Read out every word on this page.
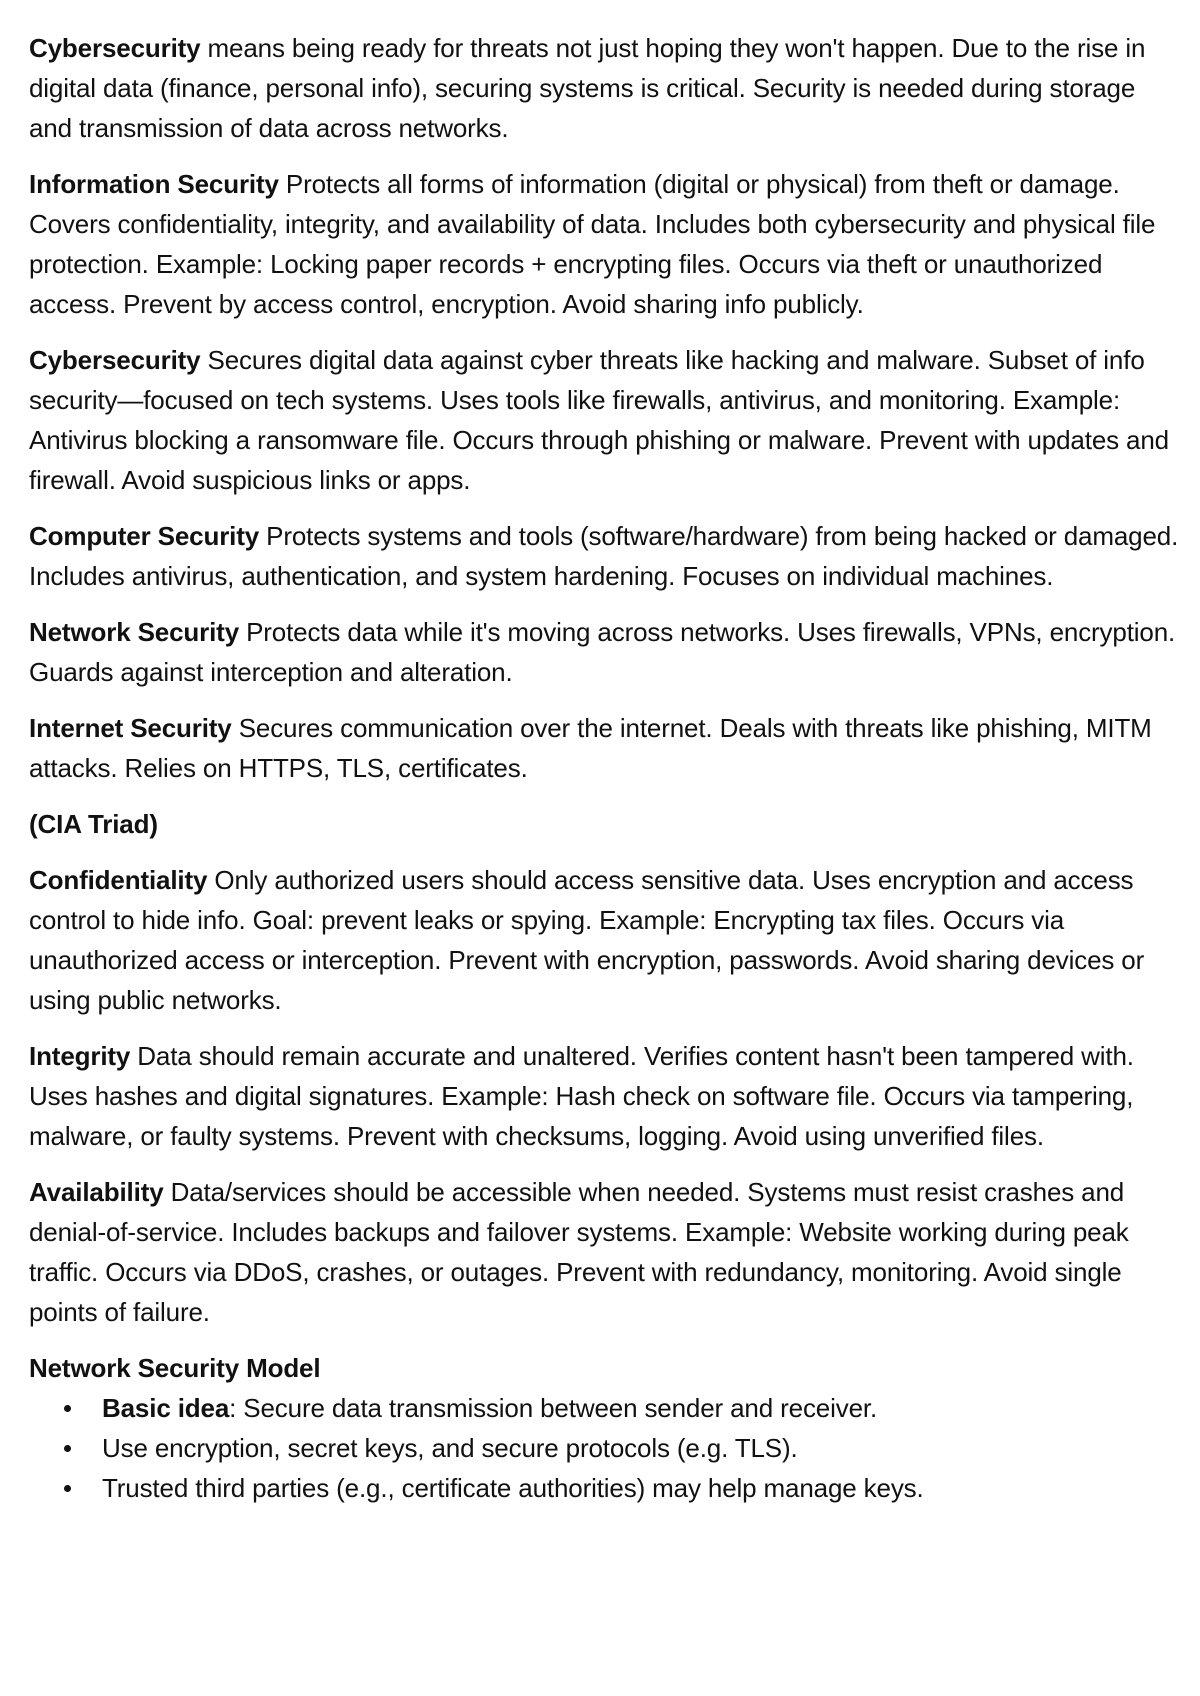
Cybersecurity means being ready for threats not just hoping they won't happen. Due to the rise in digital data (finance, personal info), securing systems is critical. Security is needed during storage and transmission of data across networks.

Information Security Protects all forms of information (digital or physical) from theft or damage. Covers confidentiality, integrity, and availability of data. Includes both cybersecurity and physical file protection. Example: Locking paper records + encrypting files. Occurs via theft or unauthorized access. Prevent by access control, encryption. Avoid sharing info publicly.

Cybersecurity Secures digital data against cyber threats like hacking and malware. Subset of info security—focused on tech systems. Uses tools like firewalls, antivirus, and monitoring. Example: Antivirus blocking a ransomware file. Occurs through phishing or malware. Prevent with updates and firewall. Avoid suspicious links or apps.

Computer Security Protects systems and tools (software/hardware) from being hacked or damaged. Includes antivirus, authentication, and system hardening. Focuses on individual machines.

Network Security Protects data while it's moving across networks. Uses firewalls, VPNs, encryption. Guards against interception and alteration.

Internet Security Secures communication over the internet. Deals with threats like phishing, MITM attacks. Relies on HTTPS, TLS, certificates.

(CIA Triad)

Confidentiality Only authorized users should access sensitive data. Uses encryption and access control to hide info. Goal: prevent leaks or spying. Example: Encrypting tax files. Occurs via unauthorized access or interception. Prevent with encryption, passwords. Avoid sharing devices or using public networks.

Integrity Data should remain accurate and unaltered. Verifies content hasn't been tampered with. Uses hashes and digital signatures. Example: Hash check on software file. Occurs via tampering, malware, or faulty systems. Prevent with checksums, logging. Avoid using unverified files.

Availability Data/services should be accessible when needed. Systems must resist crashes and denial-of-service. Includes backups and failover systems. Example: Website working during peak traffic. Occurs via DDoS, crashes, or outages. Prevent with redundancy, monitoring. Avoid single points of failure.

Network Security Model

Basic idea: Secure data transmission between sender and receiver.
Use encryption, secret keys, and secure protocols (e.g. TLS).
Trusted third parties (e.g., certificate authorities) may help manage keys.
